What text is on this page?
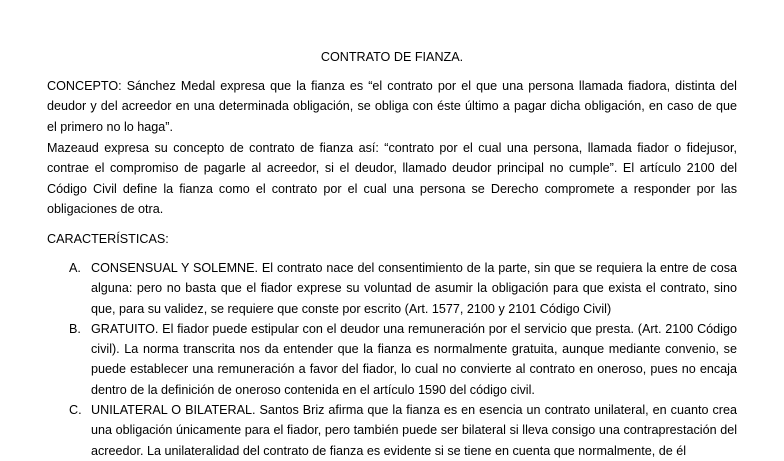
CONTRATO DE FIANZA.

CONCEPTO: Sánchez Medal expresa que la fianza es “el contrato por el que una persona llamada fiadora, distinta del deudor y del acreedor en una determinada obligación, se obliga con éste último a pagar dicha obligación, en caso de que el primero no lo haga”.

Mazeaud expresa su concepto de contrato de fianza así: “contrato por el cual una persona, llamada fiador o fidejusor, contrae el compromiso de pagarle al acreedor, si el deudor, llamado deudor principal no cumple”. El artículo 2100 del Código Civil define la fianza como el contrato por el cual una persona se Derecho compromete a responder por las obligaciones de otra.

CARACTERÍSTICAS:

A. CONSENSUAL Y SOLEMNE. El contrato nace del consentimiento de la parte, sin que se requiera la entre de cosa alguna: pero no basta que el fiador exprese su voluntad de asumir la obligación para que exista el contrato, sino que, para su validez, se requiere que conste por escrito (Art. 1577, 2100 y 2101 Código Civil)
B. GRATUITO. El fiador puede estipular con el deudor una remuneración por el servicio que presta. (Art. 2100 Código civil). La norma transcrita nos da entender que la fianza es normalmente gratuita, aunque mediante convenio, se puede establecer una remuneración a favor del fiador, lo cual no convierte al contrato en oneroso, pues no encaja dentro de la definición de oneroso contenida en el artículo 1590 del código civil.
C. UNILATERAL O BILATERAL. Santos Briz afirma que la fianza es en esencia un contrato unilateral, en cuanto crea una obligación únicamente para el fiador, pero también puede ser bilateral si lleva consigo una contraprestación del acreedor. La unilateralidad del contrato de fianza es evidente si se tiene en cuenta que normalmente, de él
